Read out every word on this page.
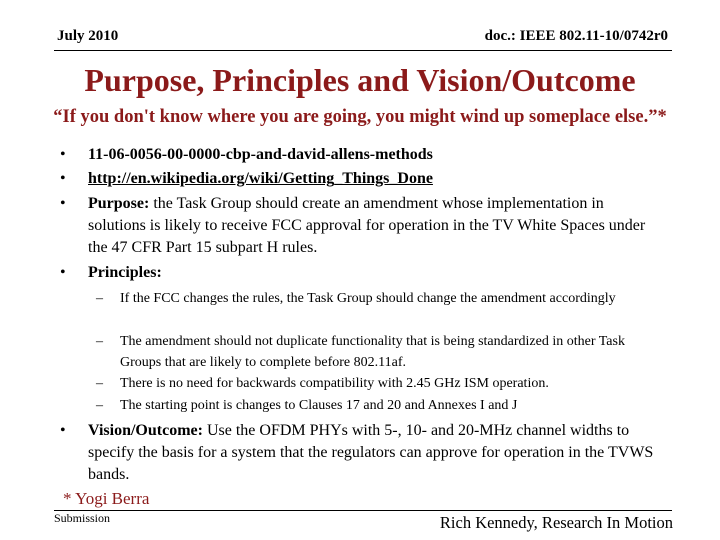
July 2010	doc.: IEEE 802.11-10/0742r0
Purpose, Principles and Vision/Outcome
“If you don't know where you are going, you might wind up someplace else.”*
• 11-06-0056-00-0000-cbp-and-david-allens-methods
• http://en.wikipedia.org/wiki/Getting_Things_Done
• Purpose: the Task Group should create an amendment whose implementation in solutions is likely to receive FCC approval for operation in the TV White Spaces under the 47 CFR Part 15 subpart H rules.
• Principles:
– If the FCC changes the rules, the Task Group should change the amendment accordingly
– The amendment should not duplicate functionality that is being standardized in other Task Groups that are likely to complete before 802.11af.
– There is no need for backwards compatibility with 2.45 GHz ISM operation.
– The starting point is changes to Clauses 17 and 20 and Annexes I and J
• Vision/Outcome: Use the OFDM PHYs with 5-, 10- and 20-MHz channel widths to specify the basis for a system that the regulators can approve for operation in the TVWS bands.
* Yogi Berra
Submission	Rich Kennedy, Research In Motion
